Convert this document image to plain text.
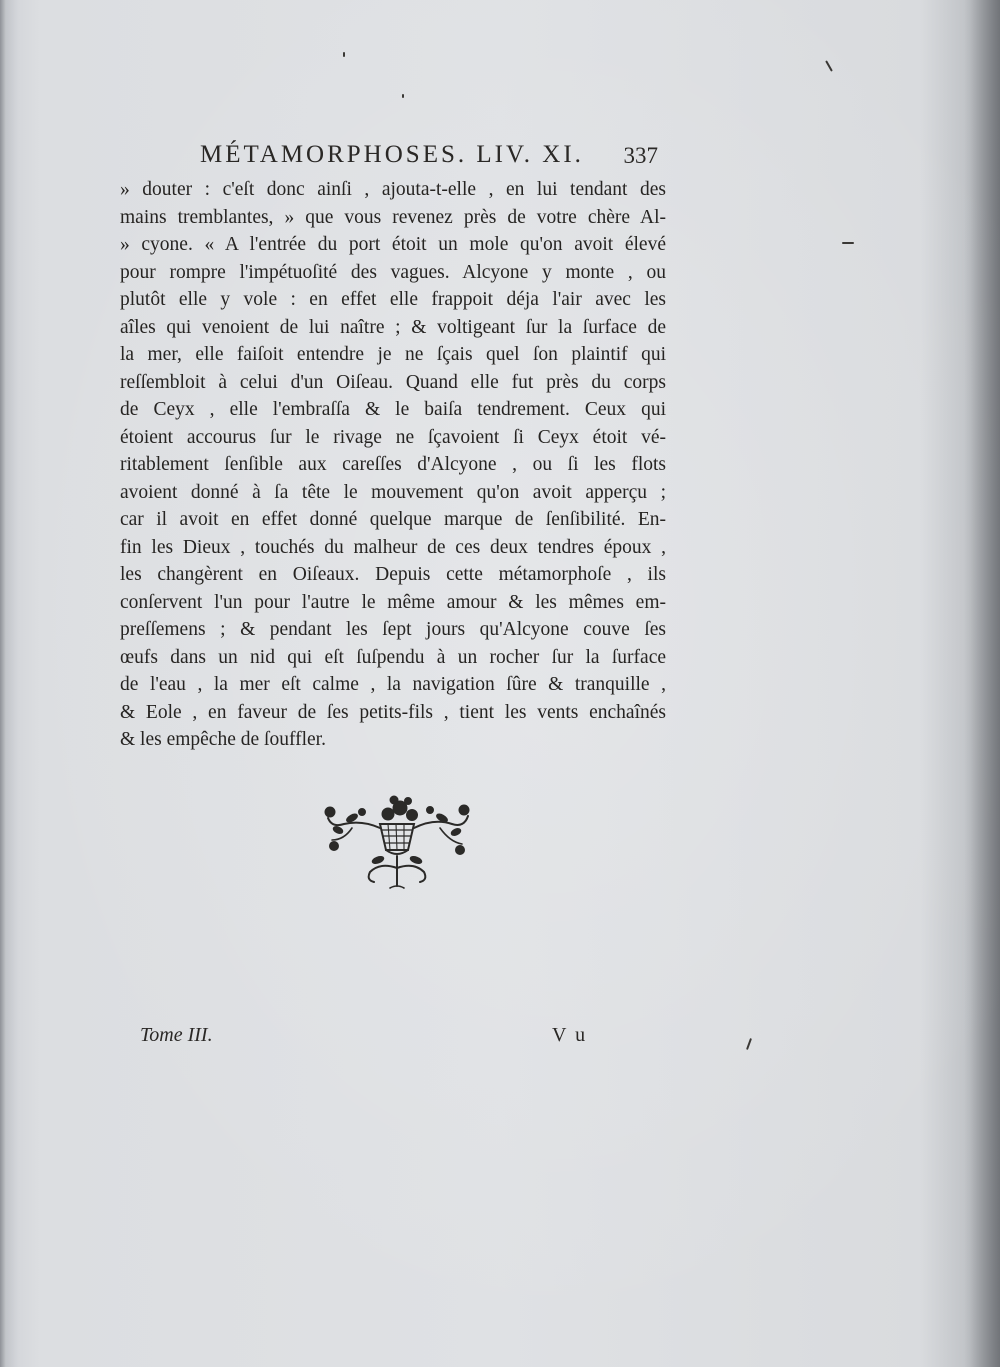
MÉTAMORPHOSES. LIV. XI. 337
» douter : c'eſt donc ainſi , ajouta-t-elle , en lui tendant des
mains tremblantes, » que vous revenez près de votre chère Al-
» cyone. « A l'entrée du port étoit un mole qu'on avoit élevé
pour rompre l'impétuoſité des vagues. Alcyone y monte , ou
plutôt elle y vole : en effet elle frappoit déja l'air avec les
aîles qui venoient de lui naître ; & voltigeant ſur la ſurface de
la mer, elle faiſoit entendre je ne ſçais quel ſon plaintif qui
reſſembloit à celui d'un Oiſeau. Quand elle fut près du corps
de Ceyx , elle l'embraſſa & le baiſa tendrement. Ceux qui
étoient accourus ſur le rivage ne ſçavoient ſi Ceyx étoit vé-
ritablement ſenſible aux careſſes d'Alcyone , ou ſi les flots
avoient donné à ſa tête le mouvement qu'on avoit apperçu ;
car il avoit en effet donné quelque marque de ſenſibilité. En-
fin les Dieux , touchés du malheur de ces deux tendres époux ,
les changèrent en Oiſeaux. Depuis cette métamorphoſe , ils
conſervent l'un pour l'autre le même amour & les mêmes em-
preſſemens ; & pendant les ſept jours qu'Alcyone couve ſes
œufs dans un nid qui eſt ſuſpendu à un rocher ſur la ſurface
de l'eau , la mer eſt calme , la navigation ſûre & tranquille ,
& Eole , en faveur de ſes petits-fils , tient les vents enchaînés
& les empêche de ſouffler.
Tome III.	V u
